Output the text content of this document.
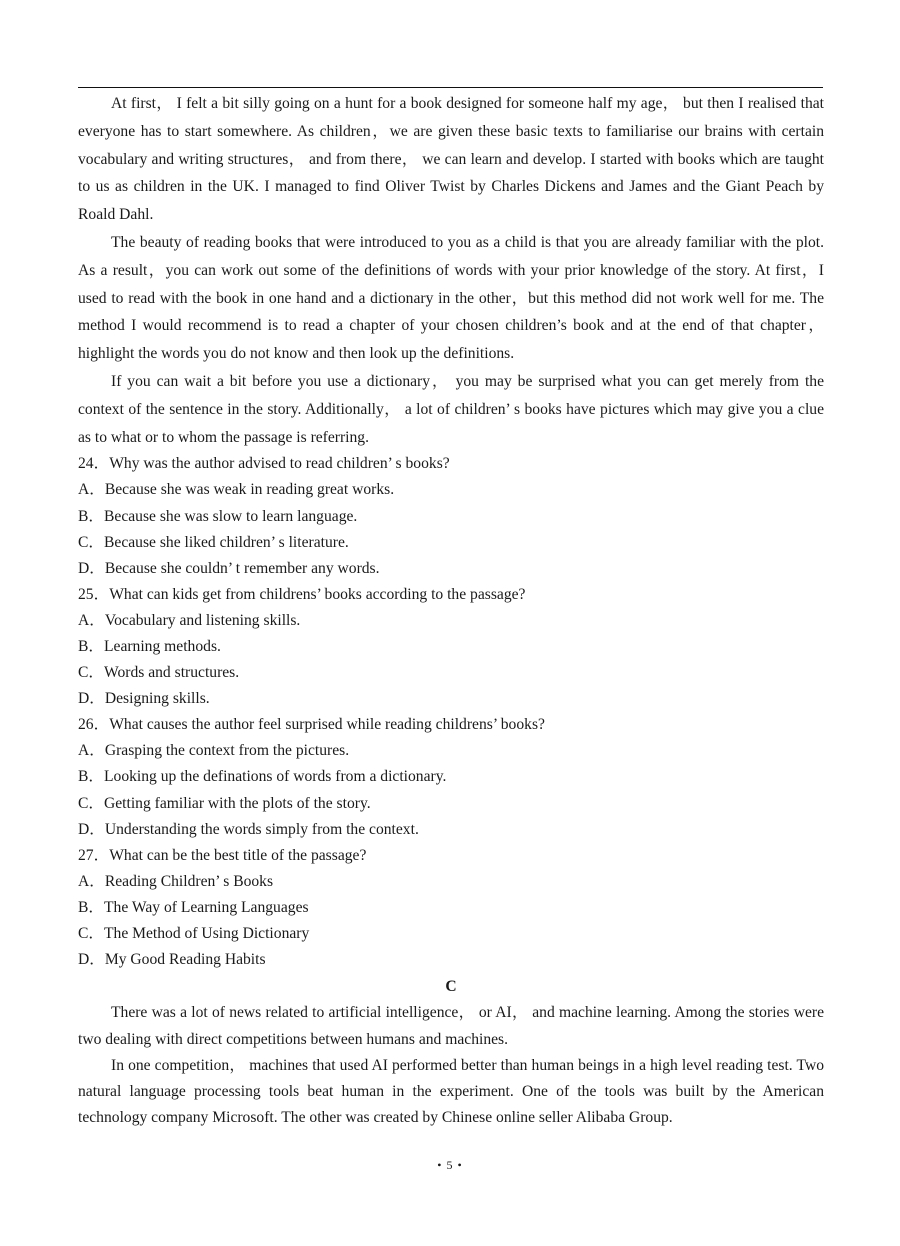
At first， I felt a bit silly going on a hunt for a book designed for someone half my age， but then I realised that everyone has to start somewhere. As children，we are given these basic texts to familiarise our brains with certain vocabulary and writing structures， and from there， we can learn and develop. I started with books which are taught to us as children in the UK. I managed to find Oliver Twist by Charles Dickens and James and the Giant Peach by Roald Dahl.

The beauty of reading books that were introduced to you as a child is that you are already familiar with the plot. As a result，you can work out some of the definitions of words with your prior knowledge of the story. At first，I used to read with the book in one hand and a dictionary in the other，but this method did not work well for me. The method I would recommend is to read a chapter of your chosen children’s book and at the end of that chapter， highlight the words you do not know and then look up the definitions.

If you can wait a bit before you use a dictionary， you may be surprised what you can get merely from the context of the sentence in the story. Additionally， a lot of children’ s books have pictures which may give you a clue as to what or to whom the passage is referring.

24．Why was the author advised to read children’ s books?
A．Because she was weak in reading great works.
B．Because she was slow to learn language.
C．Because she liked children’ s literature.
D．Because she couldn’ t remember any words.
25．What can kids get from childrens’ books according to the passage?
A．Vocabulary and listening skills.
B．Learning methods.
C．Words and structures.
D．Designing skills.
26．What causes the author feel surprised while reading childrens’ books?
A．Grasping the context from the pictures.
B．Looking up the definations of words from a dictionary.
C．Getting familiar with the plots of the story.
D．Understanding the words simply from the context.
27．What can be the best title of the passage?
A．Reading Children’ s Books
B．The Way of Learning Languages
C．The Method of Using Dictionary
D．My Good Reading Habits
C

There was a lot of news related to artificial intelligence， or AI， and machine learning. Among the stories were two dealing with direct competitions between humans and machines.

In one competition， machines that used AI performed better than human beings in a high level reading test. Two natural language processing tools beat human in the experiment. One of the tools was built by the American technology company Microsoft. The other was created by Chinese online seller Alibaba Group.

• 5 •
